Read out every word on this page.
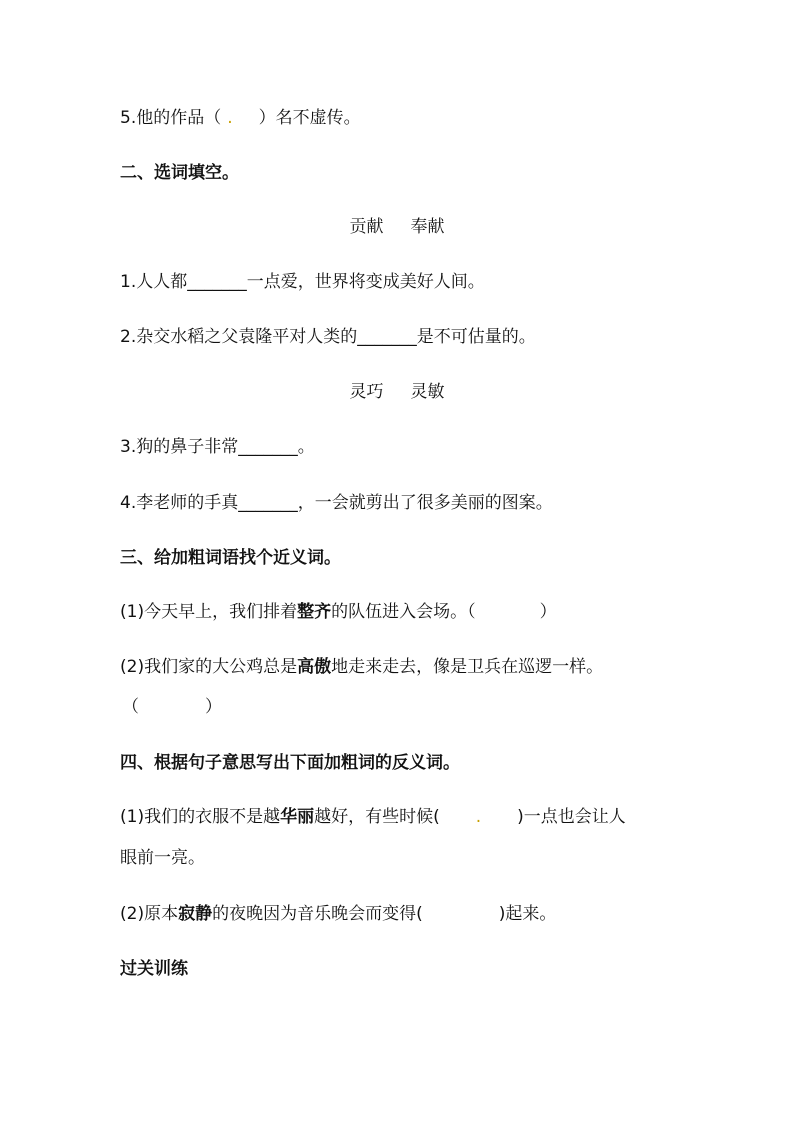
5.他的作品（ . ）名不虚传。
二、选词填空。
贡献     奉献
1.人人都_______一点爱，世界将变成美好人间。
2.杂交水稻之父袁隆平对人类的_______是不可估量的。
灵巧     灵敏
3.狗的鼻子非常_______。
4.李老师的手真_______，一会就剪出了很多美丽的图案。
三、给加粗词语找个近义词。
(1)今天早上，我们排着整齐的队伍进入会场。（	）
(2)我们家的大公鸡总是高傲地走来走去，像是卫兵在巡逻一样。
（	）
四、根据句子意思写出下面加粗词的反义词。
(1)我们的衣服不是越华丽越好，有些时候( . )一点也会让人
眼前一亮。
(2)原本寂静的夜晚因为音乐晚会而变得(	)起来。
过关训练
